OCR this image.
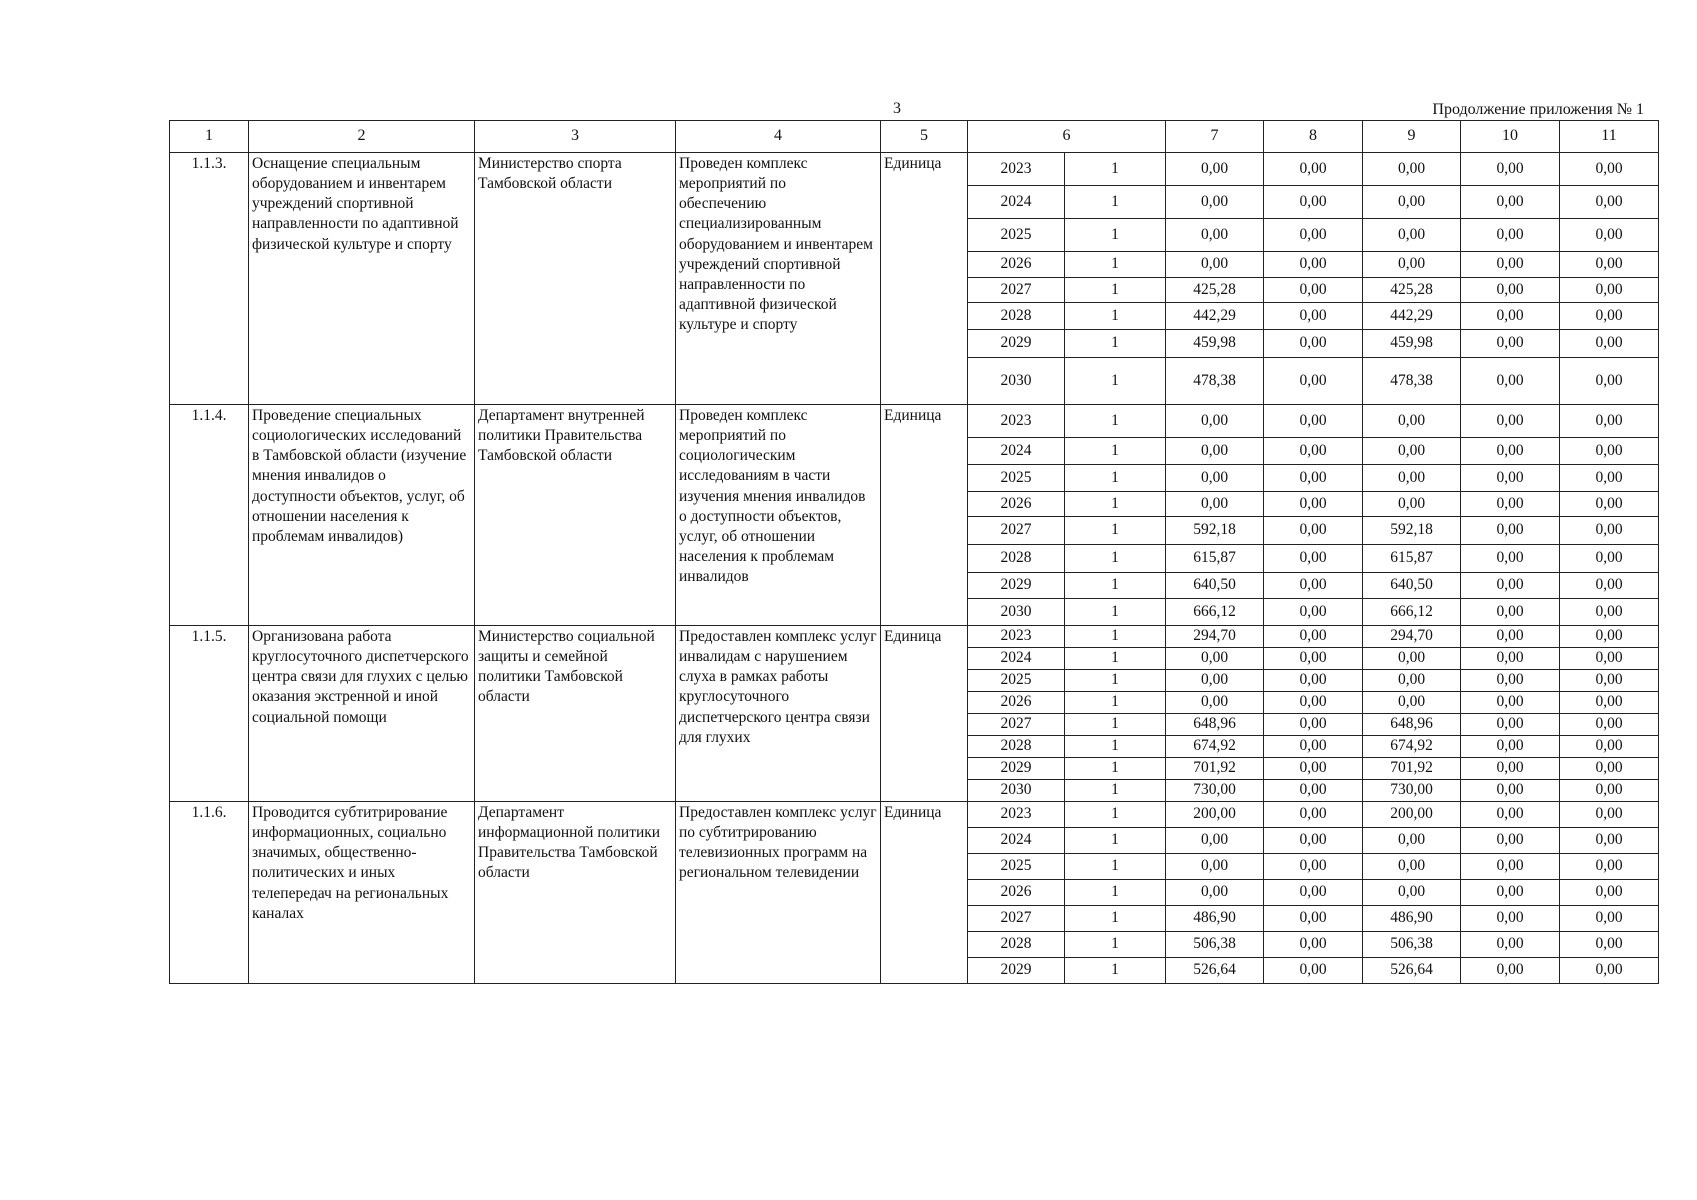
3	Продолжение приложения № 1
1	2	3	4	5	6		7	8	9	10	11
1.1.3.	Оснащение специальным оборудованием и инвентарем учреждений спортивной направленности по адаптивной физической культуре и спорту	Министерство спорта Тамбовской области	Проведен комплекс мероприятий по обеспечению специализированным оборудованием и инвентарем учреждений спортивной направленности по адаптивной физической культуре и спорту	Единица	2023	1	0,00	0,00	0,00	0,00	0,00
					2024	1	0,00	0,00	0,00	0,00	0,00
					2025	1	0,00	0,00	0,00	0,00	0,00
					2026	1	0,00	0,00	0,00	0,00	0,00
					2027	1	425,28	0,00	425,28	0,00	0,00
					2028	1	442,29	0,00	442,29	0,00	0,00
					2029	1	459,98	0,00	459,98	0,00	0,00
					2030	1	478,38	0,00	478,38	0,00	0,00
1.1.4.	Проведение специальных социологических исследований в Тамбовской области (изучение мнения инвалидов о доступности объектов, услуг, об отношении населения к проблемам инвалидов)	Департамент внутренней политики Правительства Тамбовской области	Проведен комплекс мероприятий по социологическим исследованиям в части изучения мнения инвалидов о доступности объектов, услуг, об отношении населения к проблемам инвалидов	Единица	2023	1	0,00	0,00	0,00	0,00	0,00
					2024	1	0,00	0,00	0,00	0,00	0,00
					2025	1	0,00	0,00	0,00	0,00	0,00
					2026	1	0,00	0,00	0,00	0,00	0,00
					2027	1	592,18	0,00	592,18	0,00	0,00
					2028	1	615,87	0,00	615,87	0,00	0,00
					2029	1	640,50	0,00	640,50	0,00	0,00
					2030	1	666,12	0,00	666,12	0,00	0,00
1.1.5.	Организована работа круглосуточного диспетчерского центра связи для глухих с целью оказания экстренной и иной социальной помощи	Министерство социальной защиты и семейной политики Тамбовской области	Предоставлен комплекс услуг инвалидам с нарушением слуха в рамках работы круглосуточного диспетчерского центра связи для глухих	Единица	2023	1	294,70	0,00	294,70	0,00	0,00
					2024	1	0,00	0,00	0,00	0,00	0,00
					2025	1	0,00	0,00	0,00	0,00	0,00
					2026	1	0,00	0,00	0,00	0,00	0,00
					2027	1	648,96	0,00	648,96	0,00	0,00
					2028	1	674,92	0,00	674,92	0,00	0,00
					2029	1	701,92	0,00	701,92	0,00	0,00
					2030	1	730,00	0,00	730,00	0,00	0,00
1.1.6.	Проводится субтитрирование информационных, социально значимых, общественно-политических и иных телепередач на региональных каналах	Департамент информационной политики Правительства Тамбовской области	Предоставлен комплекс услуг по субтитрированию телевизионных программ на региональном телевидении	Единица	2023	1	200,00	0,00	200,00	0,00	0,00
					2024	1	0,00	0,00	0,00	0,00	0,00
					2025	1	0,00	0,00	0,00	0,00	0,00
					2026	1	0,00	0,00	0,00	0,00	0,00
					2027	1	486,90	0,00	486,90	0,00	0,00
					2028	1	506,38	0,00	506,38	0,00	0,00
					2029	1	526,64	0,00	526,64	0,00	0,00
